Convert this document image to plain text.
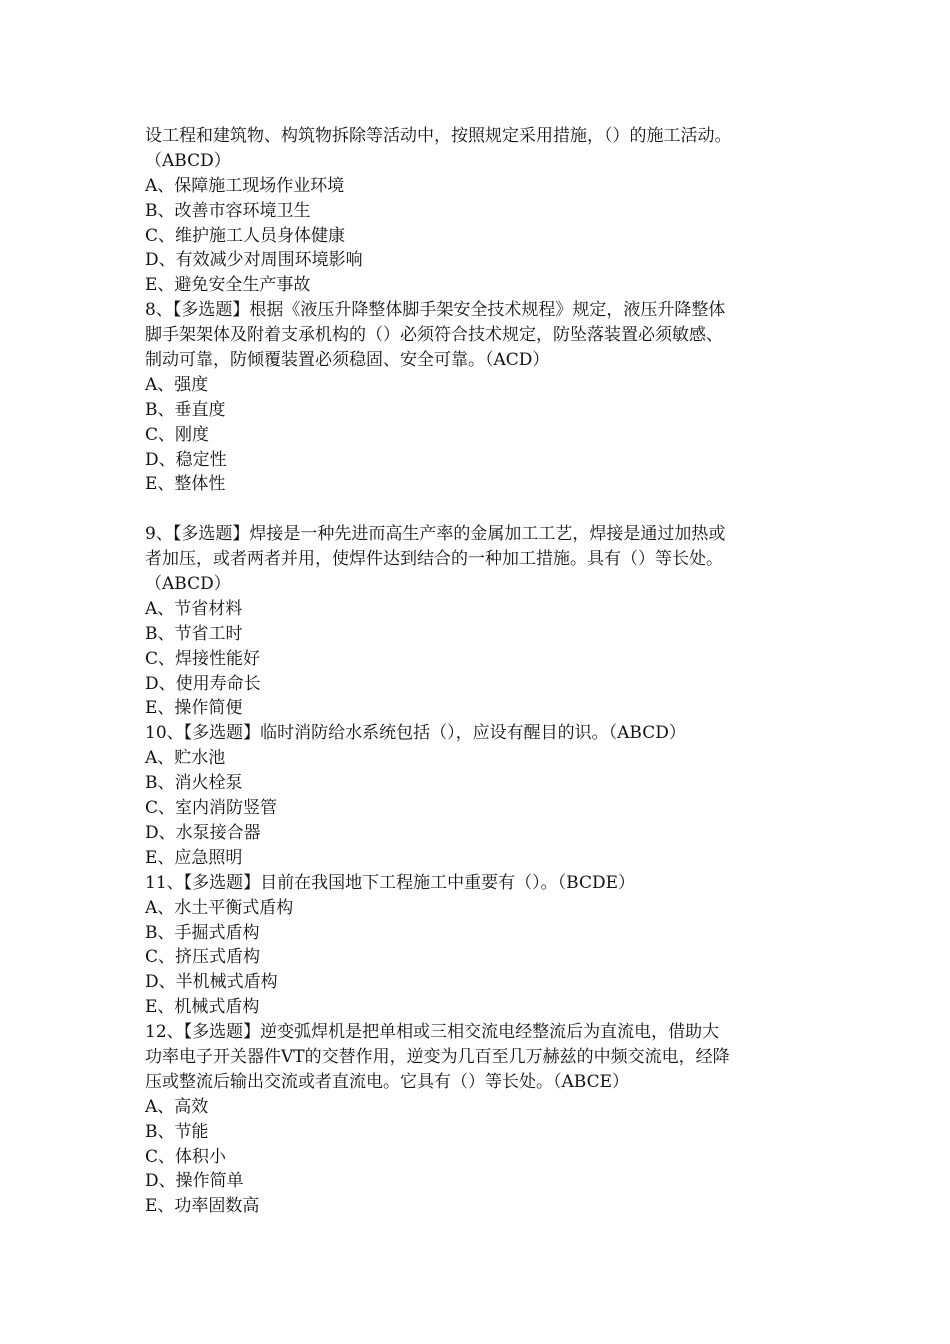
设工程和建筑物、构筑物拆除等活动中，按照规定采用措施，（）的施工活动。
（ABCD）
A、保障施工现场作业环境
B、改善市容环境卫生
C、维护施工人员身体健康
D、有效减少对周围环境影响
E、避免安全生产事故
8、【多选题】根据《液压升降整体脚手架安全技术规程》规定，液压升降整体
脚手架架体及附着支承机构的（）必须符合技术规定，防坠落装置必须敏感、
制动可靠，防倾覆装置必须稳固、安全可靠。（ACD）
A、强度
B、垂直度
C、刚度
D、稳定性
E、整体性
9、【多选题】焊接是一种先进而高生产率的金属加工工艺，焊接是通过加热或
者加压，或者两者并用，使焊件达到结合的一种加工措施。具有（）等长处。
（ABCD）
A、节省材料
B、节省工时
C、焊接性能好
D、使用寿命长
E、操作简便
10、【多选题】临时消防给水系统包括（），应设有醒目的识。（ABCD）
A、贮水池
B、消火栓泵
C、室内消防竖管
D、水泵接合器
E、应急照明
11、【多选题】目前在我国地下工程施工中重要有（）。（BCDE）
A、水土平衡式盾构
B、手掘式盾构
C、挤压式盾构
D、半机械式盾构
E、机械式盾构
12、【多选题】逆变弧焊机是把单相或三相交流电经整流后为直流电，借助大
功率电子开关器件VT的交替作用，逆变为几百至几万赫兹的中频交流电，经降
压或整流后输出交流或者直流电。它具有（）等长处。（ABCE）
A、高效
B、节能
C、体积小
D、操作简单
E、功率固数高
